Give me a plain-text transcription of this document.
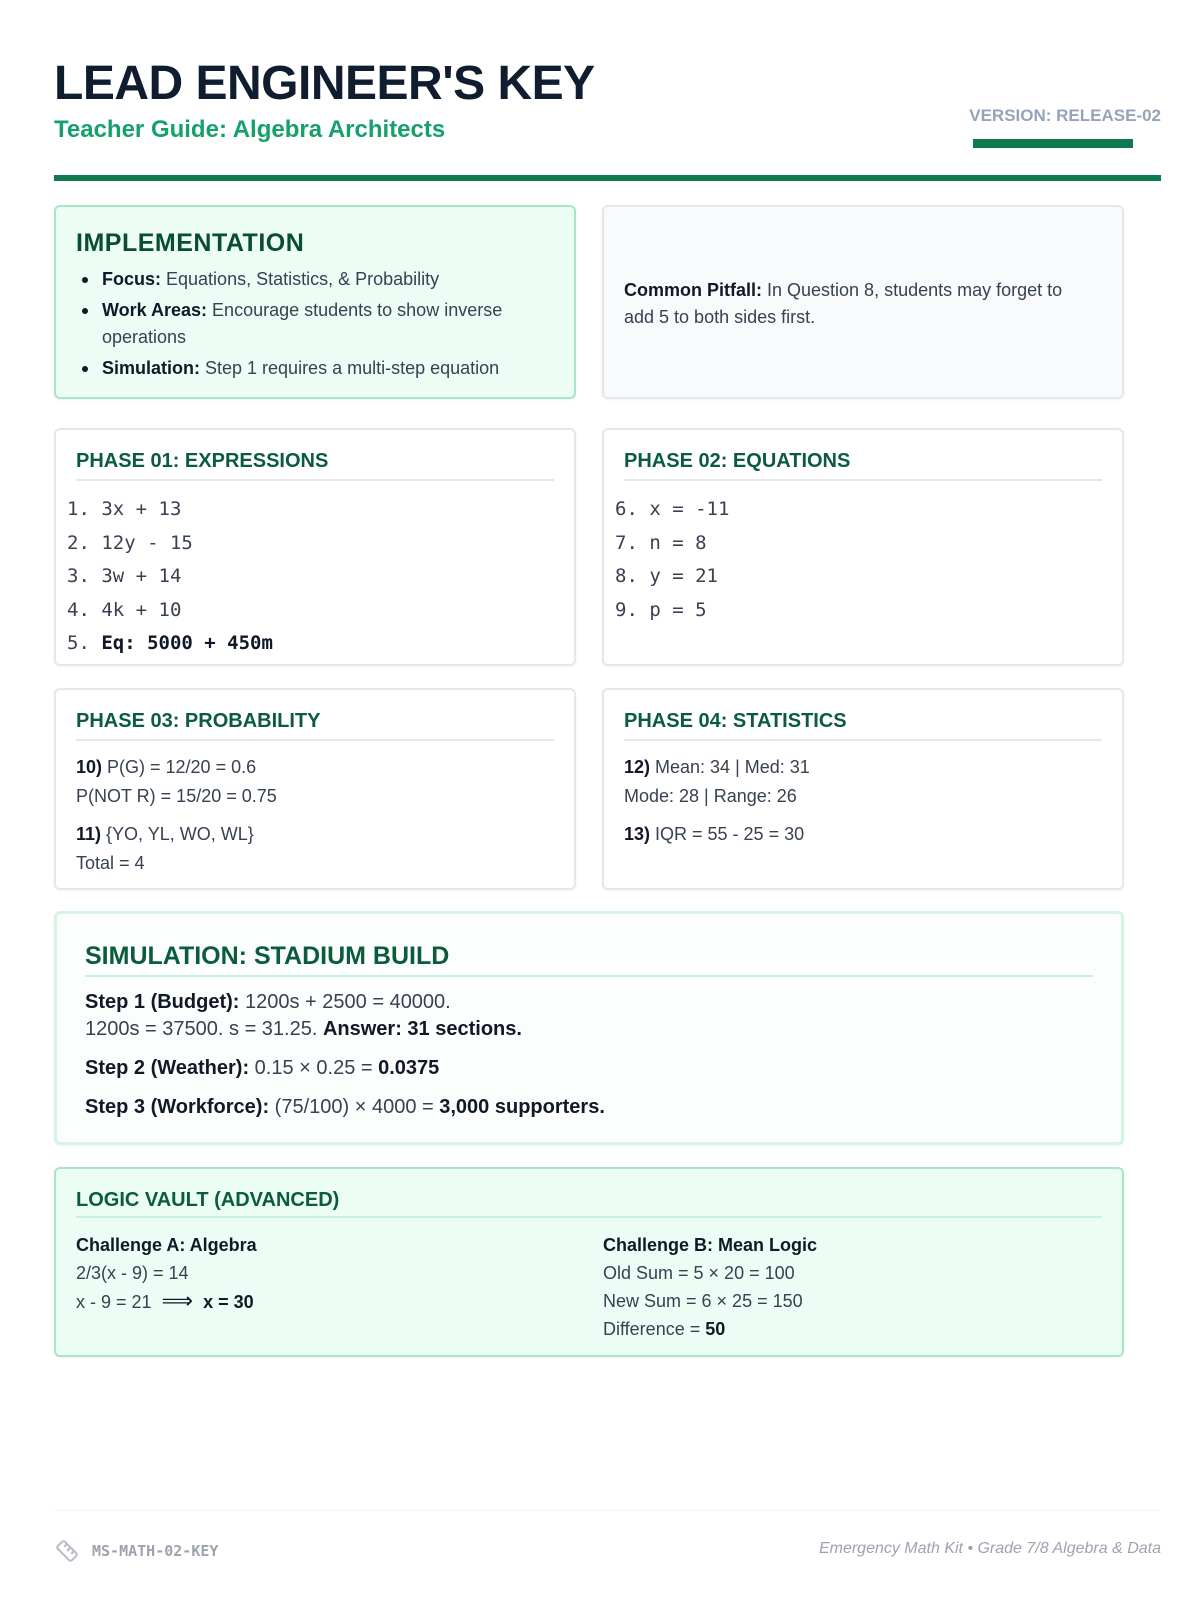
LEAD ENGINEER'S KEY
Teacher Guide: Algebra Architects
VERSION: RELEASE-02
IMPLEMENTATION
Focus: Equations, Statistics, & Probability
Work Areas: Encourage students to show inverse operations
Simulation: Step 1 requires a multi-step equation
Common Pitfall: In Question 8, students may forget to add 5 to both sides first.
PHASE 01: EXPRESSIONS
1. 3x + 13
2. 12y - 15
3. 3w + 14
4. 4k + 10
5. Eq: 5000 + 450m
PHASE 02: EQUATIONS
6. x = -11
7. n = 8
8. y = 21
9. p = 5
PHASE 03: PROBABILITY
10) P(G) = 12/20 = 0.6
P(NOT R) = 15/20 = 0.75
11) {YO, YL, WO, WL}
Total = 4
PHASE 04: STATISTICS
12) Mean: 34 | Med: 31
Mode: 28 | Range: 26
13) IQR = 55 - 25 = 30
SIMULATION: STADIUM BUILD
Step 1 (Budget): 1200s + 2500 = 40000.
1200s = 37500. s = 31.25. Answer: 31 sections.
Step 2 (Weather): 0.15 × 0.25 = 0.0375
Step 3 (Workforce): (75/100) × 4000 = 3,000 supporters.
LOGIC VAULT (ADVANCED)
Challenge A: Algebra
2/3(x - 9) = 14
x - 9 = 21 ⟹ x = 30
Challenge B: Mean Logic
Old Sum = 5 × 20 = 100
New Sum = 6 × 25 = 150
Difference = 50
MS-MATH-02-KEY	Emergency Math Kit • Grade 7/8 Algebra & Data
